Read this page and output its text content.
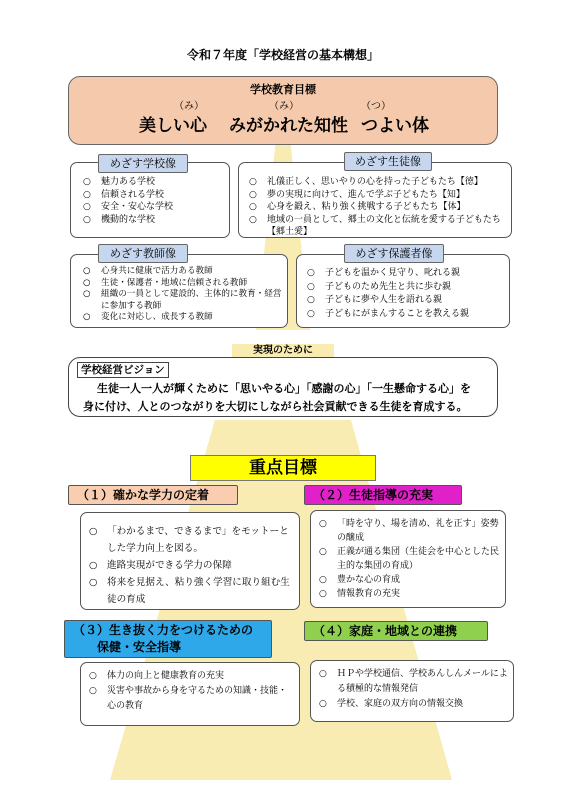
令和７年度「学校経営の基本構想」
学校教育目標
（み）	（み）	（つ）
美しい心 みがかれた知性 つよい体
○	魅力ある学校
○	信頼される学校
○	安全・安心な学校
○	機動的な学校
めざす学校像
○	礼儀正しく、思いやりの心を持った子どもたち【徳】
○	夢の実現に向けて、進んで学ぶ子どもたち【知】
○	心身を鍛え、粘り強く挑戦する子どもたち【体】
○	地域の一員として、郷土の文化と伝統を愛する子どもたち【郷土愛】
めざす生徒像
○	心身共に健康で活力ある教師
○	生徒・保護者・地域に信頼される教師
○	組織の一員として建設的、主体的に教育・経営に参加する教師
○	変化に対応し、成長する教師
めざす教師像
○	子どもを温かく見守り、叱れる親
○	子どものため先生と共に歩む親
○	子どもに夢や人生を語れる親
○	子どもにがまんすることを教える親
めざす保護者像
実現のために
学校経営ビジョン
生徒一人一人が輝くために「思いやる心」「感謝の心」「一生懸命する心」を
身に付け、人とのつながりを大切にしながら社会貢献できる生徒を育成する。
重点目標
（１）確かな学力の定着
○	「わかるまで、できるまで」をモットーとした学力向上を図る。
○	進路実現ができる学力の保障
○	将来を見据え、粘り強く学習に取り組む生徒の育成
（２）生徒指導の充実
○	「時を守り、場を清め、礼を正す」姿勢の醸成
○	正義が通る集団（生徒会を中心とした民主的な集団の育成）
○	豊かな心の育成
○	情報教育の充実
（３）生き抜く力をつけるための
保健・安全指導
○	体力の向上と健康教育の充実
○	災害や事故から身を守るための知識・技能・心の教育
（４）家庭・地域との連携
○	ＨＰや学校通信、学校あんしんメールによる積極的な情報発信
○	学校、家庭の双方向の情報交換
